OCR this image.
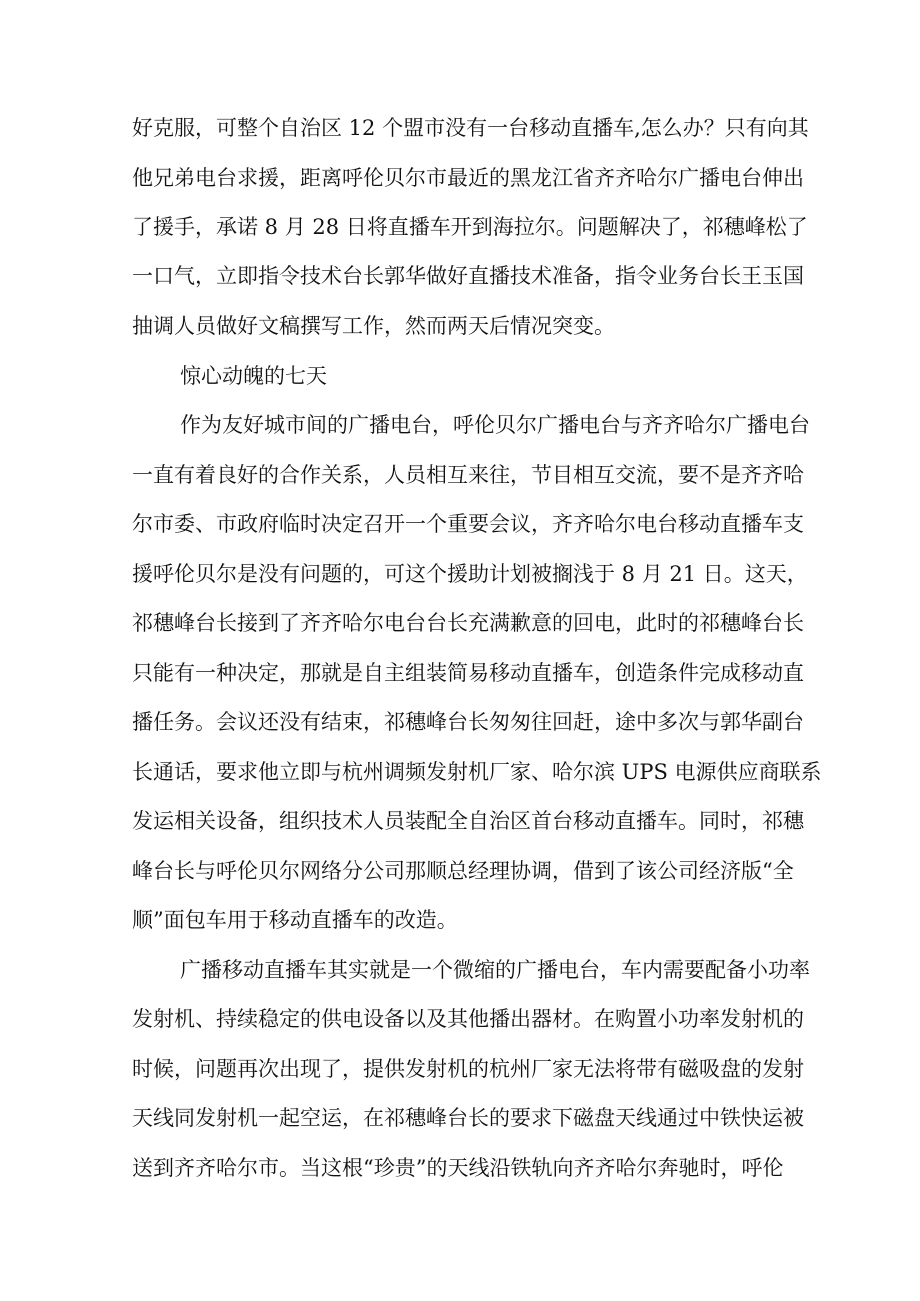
好克服，可整个自治区 12 个盟市没有一台移动直播车,怎么办？只有向其

他兄弟电台求援，距离呼伦贝尔市最近的黑龙江省齐齐哈尔广播电台伸出

了援手，承诺 8 月 28 日将直播车开到海拉尔。问题解决了，祁穗峰松了

一口气，立即指令技术台长郭华做好直播技术准备，指令业务台长王玉国

抽调人员做好文稿撰写工作，然而两天后情况突变。

惊心动魄的七天

作为友好城市间的广播电台，呼伦贝尔广播电台与齐齐哈尔广播电台

一直有着良好的合作关系，人员相互来往，节目相互交流，要不是齐齐哈

尔市委、市政府临时决定召开一个重要会议，齐齐哈尔电台移动直播车支

援呼伦贝尔是没有问题的，可这个援助计划被搁浅于 8 月 21 日。这天，

祁穗峰台长接到了齐齐哈尔电台台长充满歉意的回电，此时的祁穗峰台长

只能有一种决定，那就是自主组装简易移动直播车，创造条件完成移动直

播任务。会议还没有结束，祁穗峰台长匆匆往回赶，途中多次与郭华副台

长通话，要求他立即与杭州调频发射机厂家、哈尔滨 UPS 电源供应商联系

发运相关设备，组织技术人员装配全自治区首台移动直播车。同时，祁穗

峰台长与呼伦贝尔网络分公司那顺总经理协调，借到了该公司经济版“全

顺”面包车用于移动直播车的改造。

广播移动直播车其实就是一个微缩的广播电台，车内需要配备小功率

发射机、持续稳定的供电设备以及其他播出器材。在购置小功率发射机的

时候，问题再次出现了，提供发射机的杭州厂家无法将带有磁吸盘的发射

天线同发射机一起空运，在祁穗峰台长的要求下磁盘天线通过中铁快运被

送到齐齐哈尔市。当这根“珍贵”的天线沿铁轨向齐齐哈尔奔驰时，呼伦
